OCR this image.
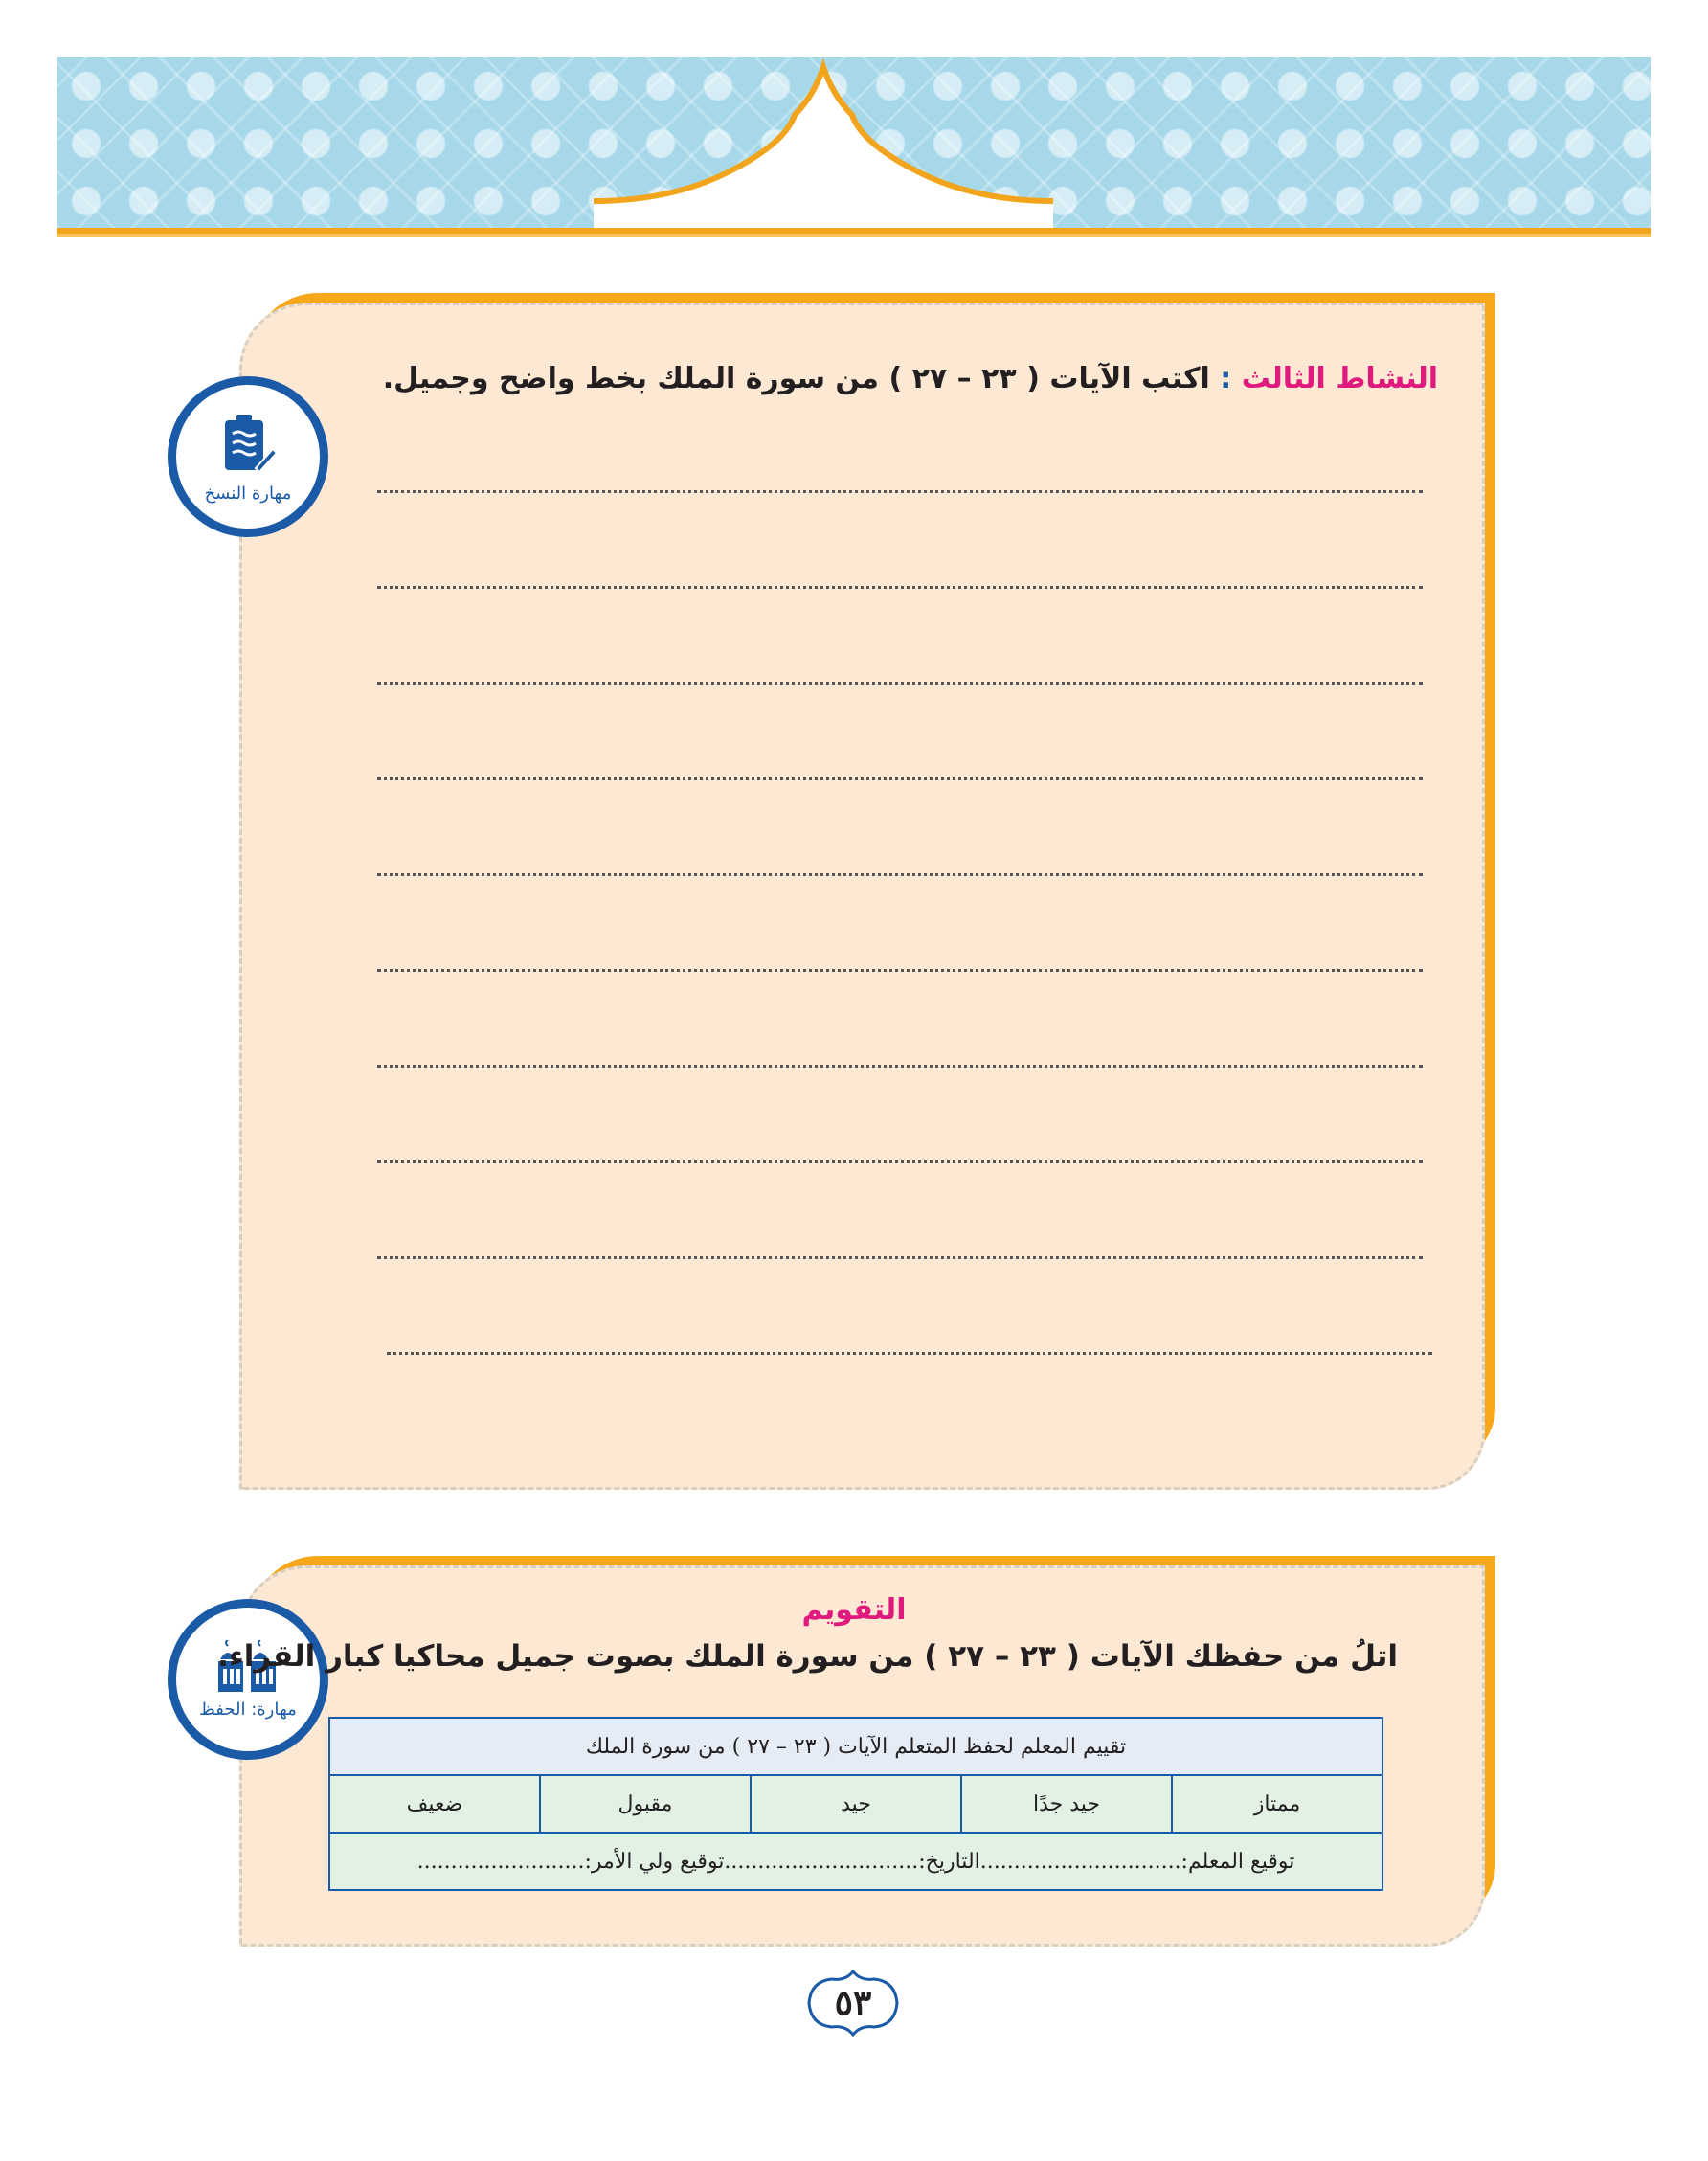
مهارة النسخ
النشاط الثالث : اكتب الآيات ( ٢٣ – ٢٧ ) من سورة الملك بخط واضح وجميل.
مهارة: الحفظ
التقويم
اتلُ من حفظك الآيات ( ٢٣ – ٢٧ ) من سورة الملك بصوت جميل محاكيا كبار القراء.
تقييم المعلم لحفظ المتعلم الآيات ( ٢٣ – ٢٧ ) من سورة الملك
ممتاز	جيد جدًا	جيد	مقبول	ضعيف
توقيع المعلم:..............................التاريخ:.............................توقيع ولي الأمر:.........................
٥٣
